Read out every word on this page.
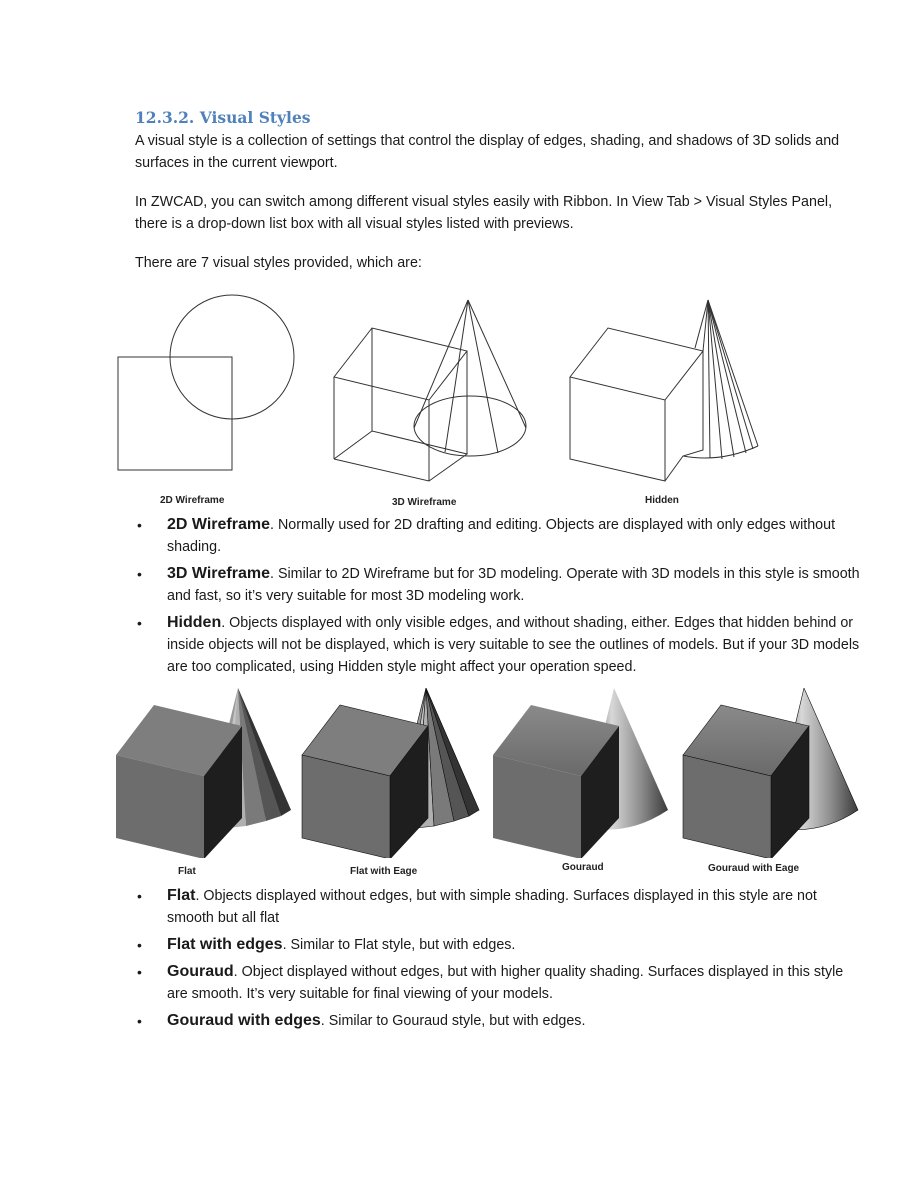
12.3.2. Visual Styles

A visual style is a collection of settings that control the display of edges, shading, and shadows of 3D solids and surfaces in the current viewport.

In ZWCAD, you can switch among different visual styles easily with Ribbon. In View Tab > Visual Styles Panel, there is a drop-down list box with all visual styles listed with previews.

There are 7 visual styles provided, which are:

2D Wireframe	3D Wireframe	Hidden
• 2D Wireframe. Normally used for 2D drafting and editing. Objects are displayed with only edges without shading.
• 3D Wireframe. Similar to 2D Wireframe but for 3D modeling. Operate with 3D models in this style is smooth and fast, so it’s very suitable for most 3D modeling work.
• Hidden. Objects displayed with only visible edges, and without shading, either. Edges that hidden behind or inside objects will not be displayed, which is very suitable to see the outlines of models. But if your 3D models are too complicated, using Hidden style might affect your operation speed.
Flat	Flat with Eage	Gouraud	Gouraud with Eage
• Flat. Objects displayed without edges, but with simple shading. Surfaces displayed in this style are not smooth but all flat
• Flat with edges. Similar to Flat style, but with edges.
• Gouraud. Object displayed without edges, but with higher quality shading. Surfaces displayed in this style are smooth. It’s very suitable for final viewing of your models.
• Gouraud with edges. Similar to Gouraud style, but with edges.
